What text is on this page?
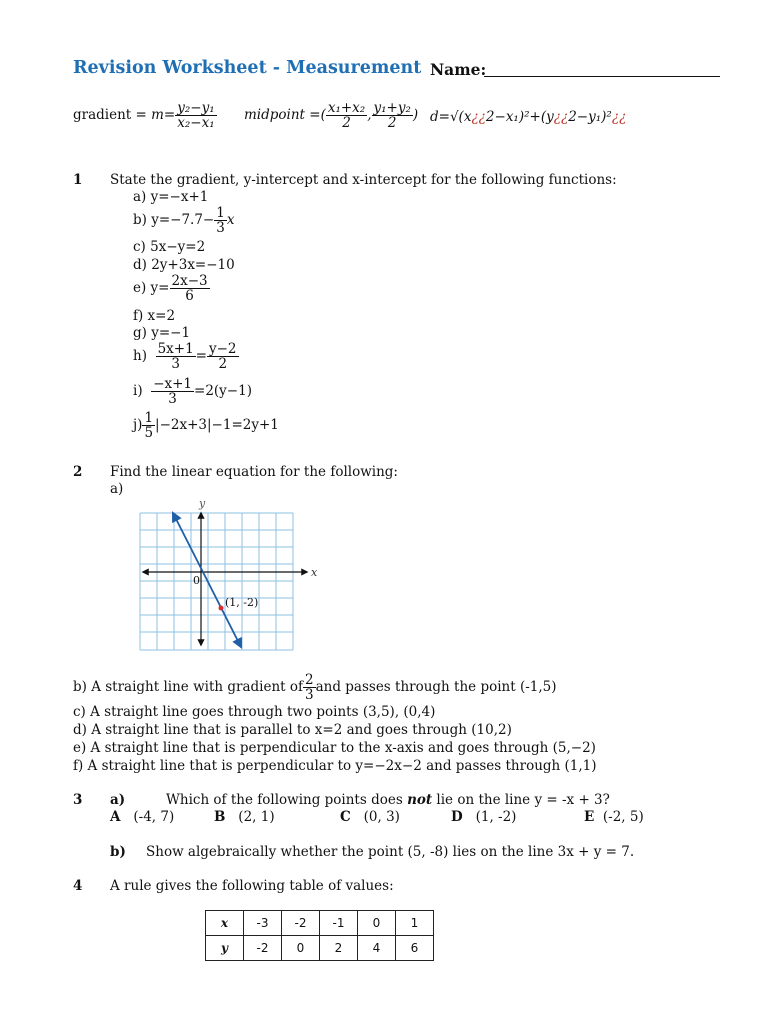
Revision Worksheet - Measurement Name:
gradient = $m= \frac{\text{y₂−y₁}}{\text{x₂−x₁}}$ midpoint =( $\frac{\text{x₁+x₂}}{2}$ , $\frac{\text{y₁+y₂}}{2}$ ) d=√(x¿¿2−x₁)²+(y¿¿2−y₁)²¿¿
1 State the gradient, y-intercept and x-intercept for the following functions:
a) y=−x+1
b) $y=-7.7- \frac{1}{3}$ x
c) 5x−y=2
d) 2y+3x=−10
e) $y= \frac{2x-3}{6}$
f) x=2
g) y=−1
$h) \frac{5x+1}{3} = \frac{y-2}{2}$
$i) \frac{-x+1}{3} =2(y-1)$
$j) \frac{1}{5} |-2x+3|-1=2y+1$
2 Find the linear equation for the following:
a)
y
x
0
(1, -2)
b) A straight line with gradient of $\frac{2}{3}$ and passes through the point (-1,5)
c) A straight line goes through two points (3,5), (0,4)
d) A straight line that is parallel to x=2 and goes through (10,2)
e) A straight line that is perpendicular to the x-axis and goes through (5,−2)
f) A straight line that is perpendicular to y=−2x−2 and passes through (1,1)
3 a)	Which of the following points does not lie on the line y = -x + 3?
A (-4, 7)	B (2, 1)	C (0, 3)	D (1, -2)	E (-2, 5)
b) Show algebraically whether the point (5, -8) lies on the line 3x + y = 7.
4 A rule gives the following table of values:
x	-3	-2	-1	0	1
y	-2	0	2	4	6
